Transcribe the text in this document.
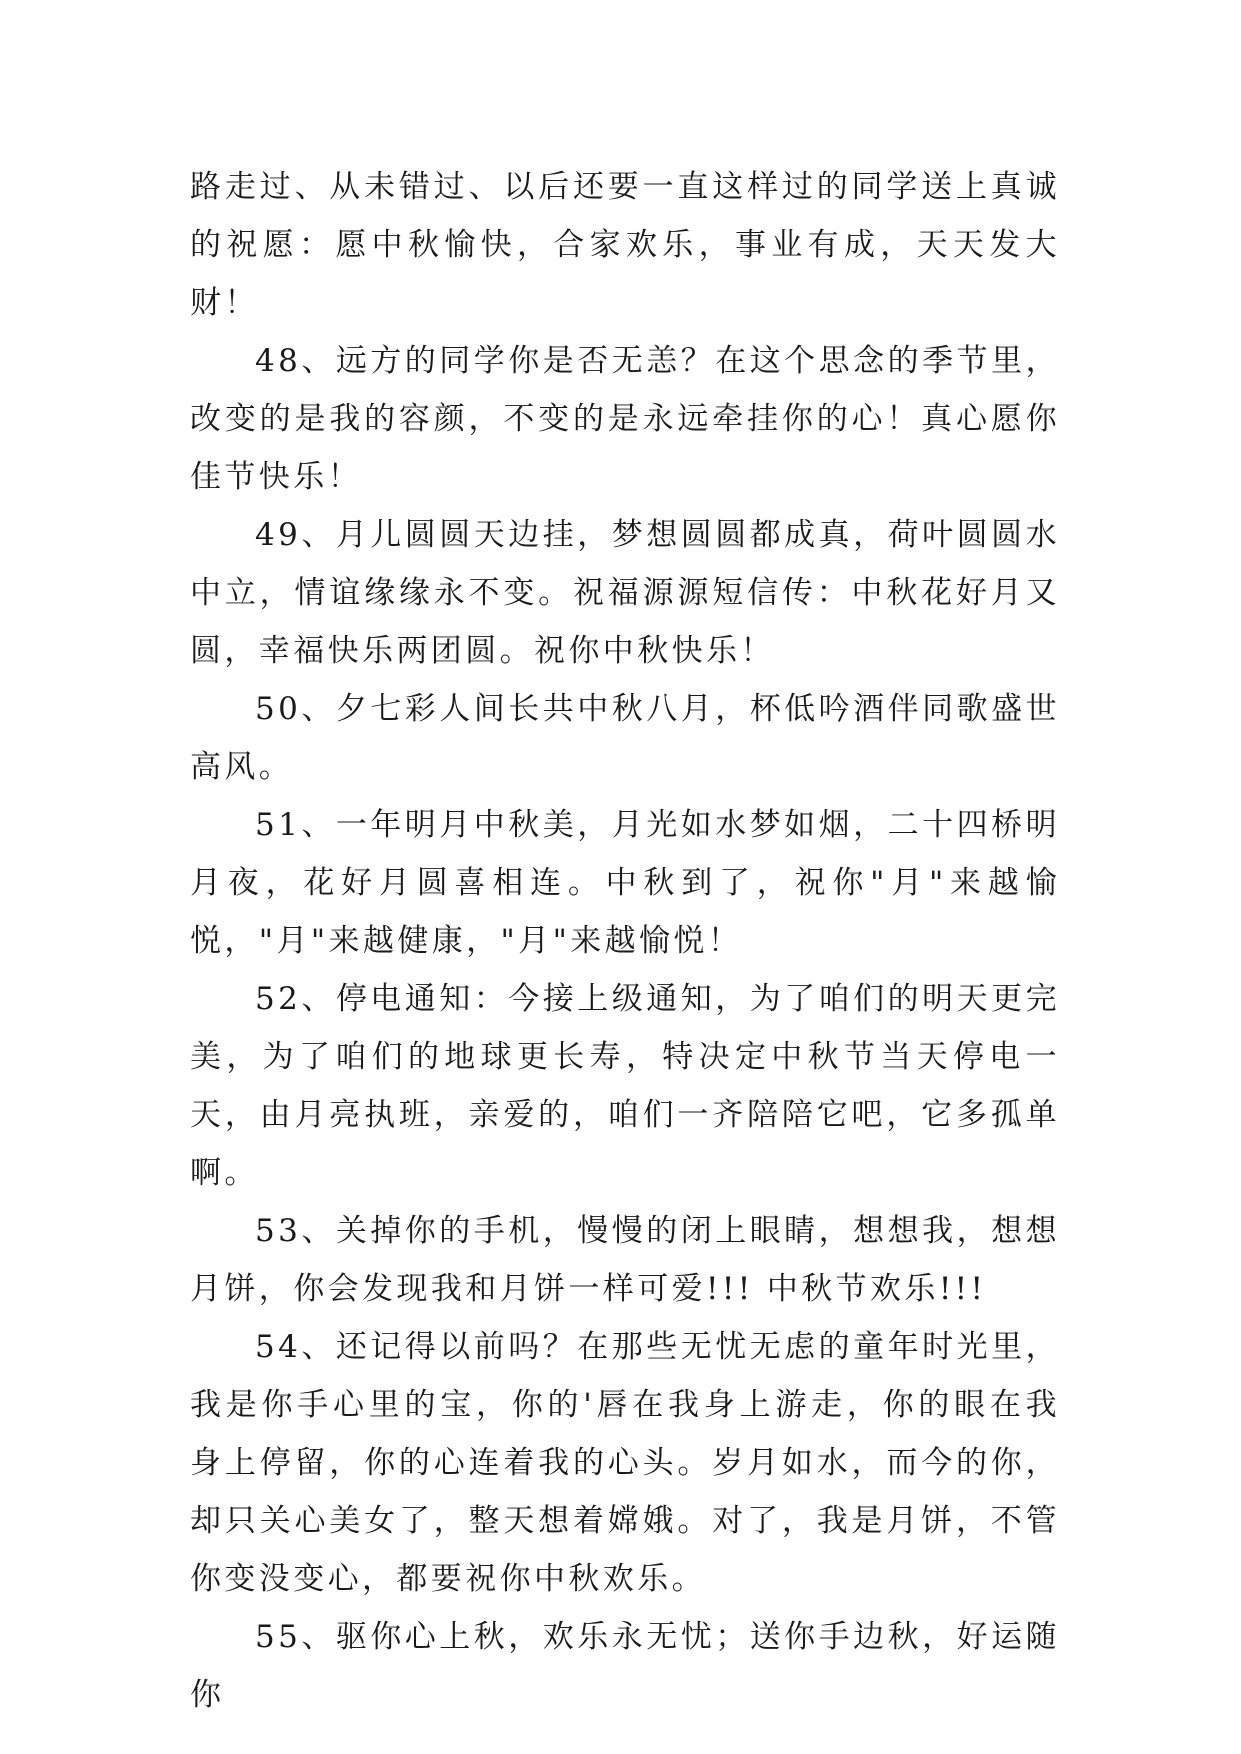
路走过、从未错过、以后还要一直这样过的同学送上真诚的祝愿：愿中秋愉快，合家欢乐，事业有成，天天发大财！

48、远方的同学你是否无恙？在这个思念的季节里，改变的是我的容颜，不变的是永远牵挂你的心！真心愿你佳节快乐！

49、月儿圆圆天边挂，梦想圆圆都成真，荷叶圆圆水中立，情谊缘缘永不变。祝福源源短信传：中秋花好月又圆，幸福快乐两团圆。祝你中秋快乐！

50、夕七彩人间长共中秋八月，杯低吟酒伴同歌盛世高风。

51、一年明月中秋美，月光如水梦如烟，二十四桥明月夜，花好月圆喜相连。中秋到了，祝你"月"来越愉悦，"月"来越健康，"月"来越愉悦！

52、停电通知：今接上级通知，为了咱们的明天更完美，为了咱们的地球更长寿，特决定中秋节当天停电一天，由月亮执班，亲爱的，咱们一齐陪陪它吧，它多孤单啊。

53、关掉你的手机，慢慢的闭上眼睛，想想我，想想月饼，你会发现我和月饼一样可爱!!! 中秋节欢乐!!!

54、还记得以前吗？在那些无忧无虑的童年时光里，我是你手心里的宝，你的'唇在我身上游走，你的眼在我身上停留，你的心连着我的心头。岁月如水，而今的你，却只关心美女了，整天想着嫦娥。对了，我是月饼，不管你变没变心，都要祝你中秋欢乐。

55、驱你心上秋，欢乐永无忧；送你手边秋，好运随你
